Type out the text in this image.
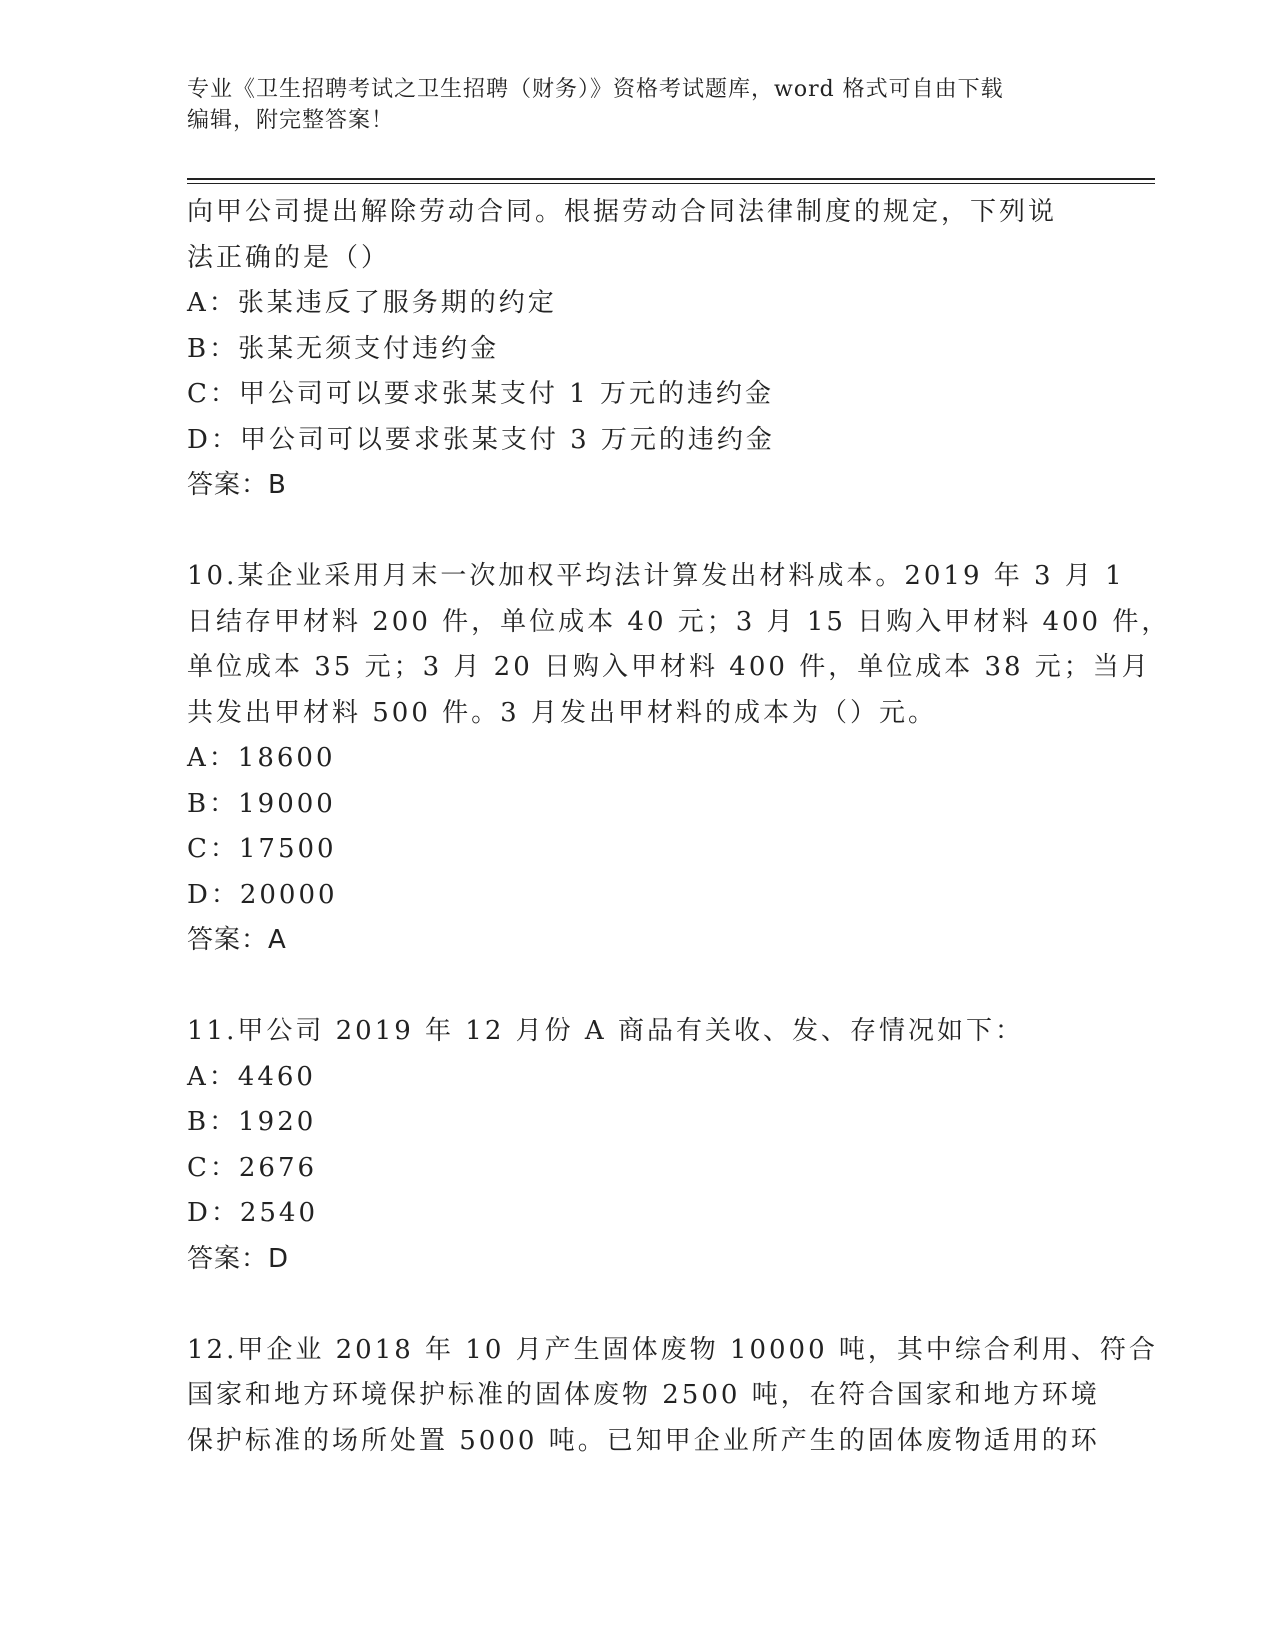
专业《卫生招聘考试之卫生招聘（财务）》资格考试题库，word 格式可自由下载
编辑，附完整答案！
向甲公司提出解除劳动合同。根据劳动合同法律制度的规定，下列说
法正确的是（）
A：张某违反了服务期的约定
B：张某无须支付违约金
C：甲公司可以要求张某支付 1 万元的违约金
D：甲公司可以要求张某支付 3 万元的违约金
答案：B
10.某企业采用月末一次加权平均法计算发出材料成本。2019 年 3 月 1
日结存甲材料 200 件，单位成本 40 元；3 月 15 日购入甲材料 400 件，
单位成本 35 元；3 月 20 日购入甲材料 400 件，单位成本 38 元；当月
共发出甲材料 500 件。3 月发出甲材料的成本为（）元。
A：18600
B：19000
C：17500
D：20000
答案：A
11.甲公司 2019 年 12 月份 A 商品有关收、发、存情况如下：
A：4460
B：1920
C：2676
D：2540
答案：D
12.甲企业 2018 年 10 月产生固体废物 10000 吨，其中综合利用、符合
国家和地方环境保护标准的固体废物 2500 吨，在符合国家和地方环境
保护标准的场所处置 5000 吨。已知甲企业所产生的固体废物适用的环
